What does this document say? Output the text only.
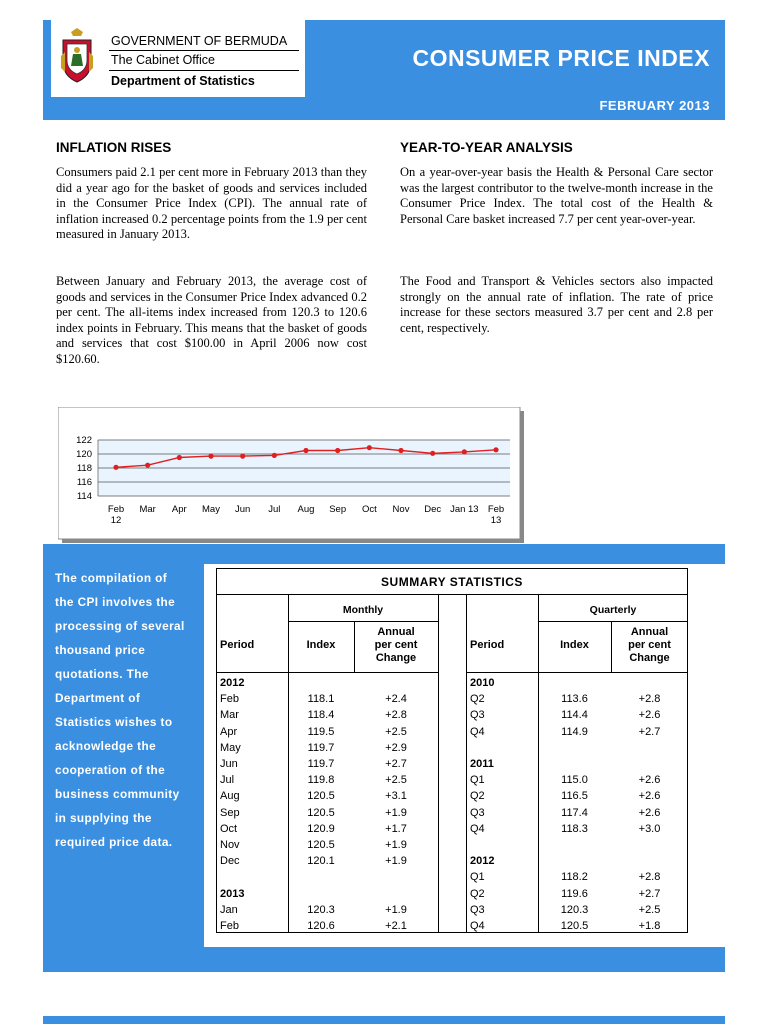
GOVERNMENT OF BERMUDA
The Cabinet Office
Department of Statistics
CONSUMER PRICE INDEX
FEBRUARY 2013
INFLATION RISES

Consumers paid 2.1 per cent more in February 2013 than they did a year ago for the basket of goods and services included in the Consumer Price Index (CPI). The annual rate of inflation increased 0.2 percentage points from the 1.9 per cent measured in January 2013.

Between January and February 2013, the average cost of goods and services in the Consumer Price Index advanced 0.2 per cent. The all-items index increased from 120.3 to 120.6 index points in February. This means that the basket of goods and services that cost $100.00 in April 2006 now cost $120.60.

YEAR-TO-YEAR ANALYSIS

On a year-over-year basis the Health & Personal Care sector was the largest contributor to the twelve-month increase in the Consumer Price Index. The total cost of the Health & Personal Care basket increased 7.7 per cent year-over-year.

The Food and Transport & Vehicles sectors also impacted strongly on the annual rate of inflation. The rate of price increase for these sectors measured 3.7 per cent and 2.8 per cent, respectively.

ALL ITEMS INDEX
(April 2006= 100)
114
116
118
120
122
Feb
12
Mar Apr May Jun Jul Aug Sep Oct Nov Dec Jan 13 Feb
13
Inflation
Rate
2.1%
The compilation of
the CPI involves the
processing of several
thousand price
quotations. The
Department of
Statistics wishes to
acknowledge the
cooperation of the
business community
in supplying the
required price data.
SUMMARY STATISTICS
Monthly	Quarterly
Period	Index
Annual
per cent
Change
Period	Index
Annual
per cent
Change
2012
Feb	118.1	+2.4
Mar	118.4	+2.8
Apr	119.5	+2.5
May	119.7	+2.9
Jun	119.7	+2.7
Jul	119.8	+2.5
Aug	120.5	+3.1
Sep	120.5	+1.9
Oct	120.9	+1.7
Nov	120.5	+1.9
Dec	120.1	+1.9
2013
Jan	120.3	+1.9
Feb	120.6	+2.1
2010
Q2	113.6	+2.8
Q3	114.4	+2.6
Q4	114.9	+2.7
2011
Q1	115.0	+2.6
Q2	116.5	+2.6
Q3	117.4	+2.6
Q4	118.3	+3.0
2012
Q1	118.2	+2.8
Q2	119.6	+2.7
Q3	120.3	+2.5
Q4	120.5	+1.8
